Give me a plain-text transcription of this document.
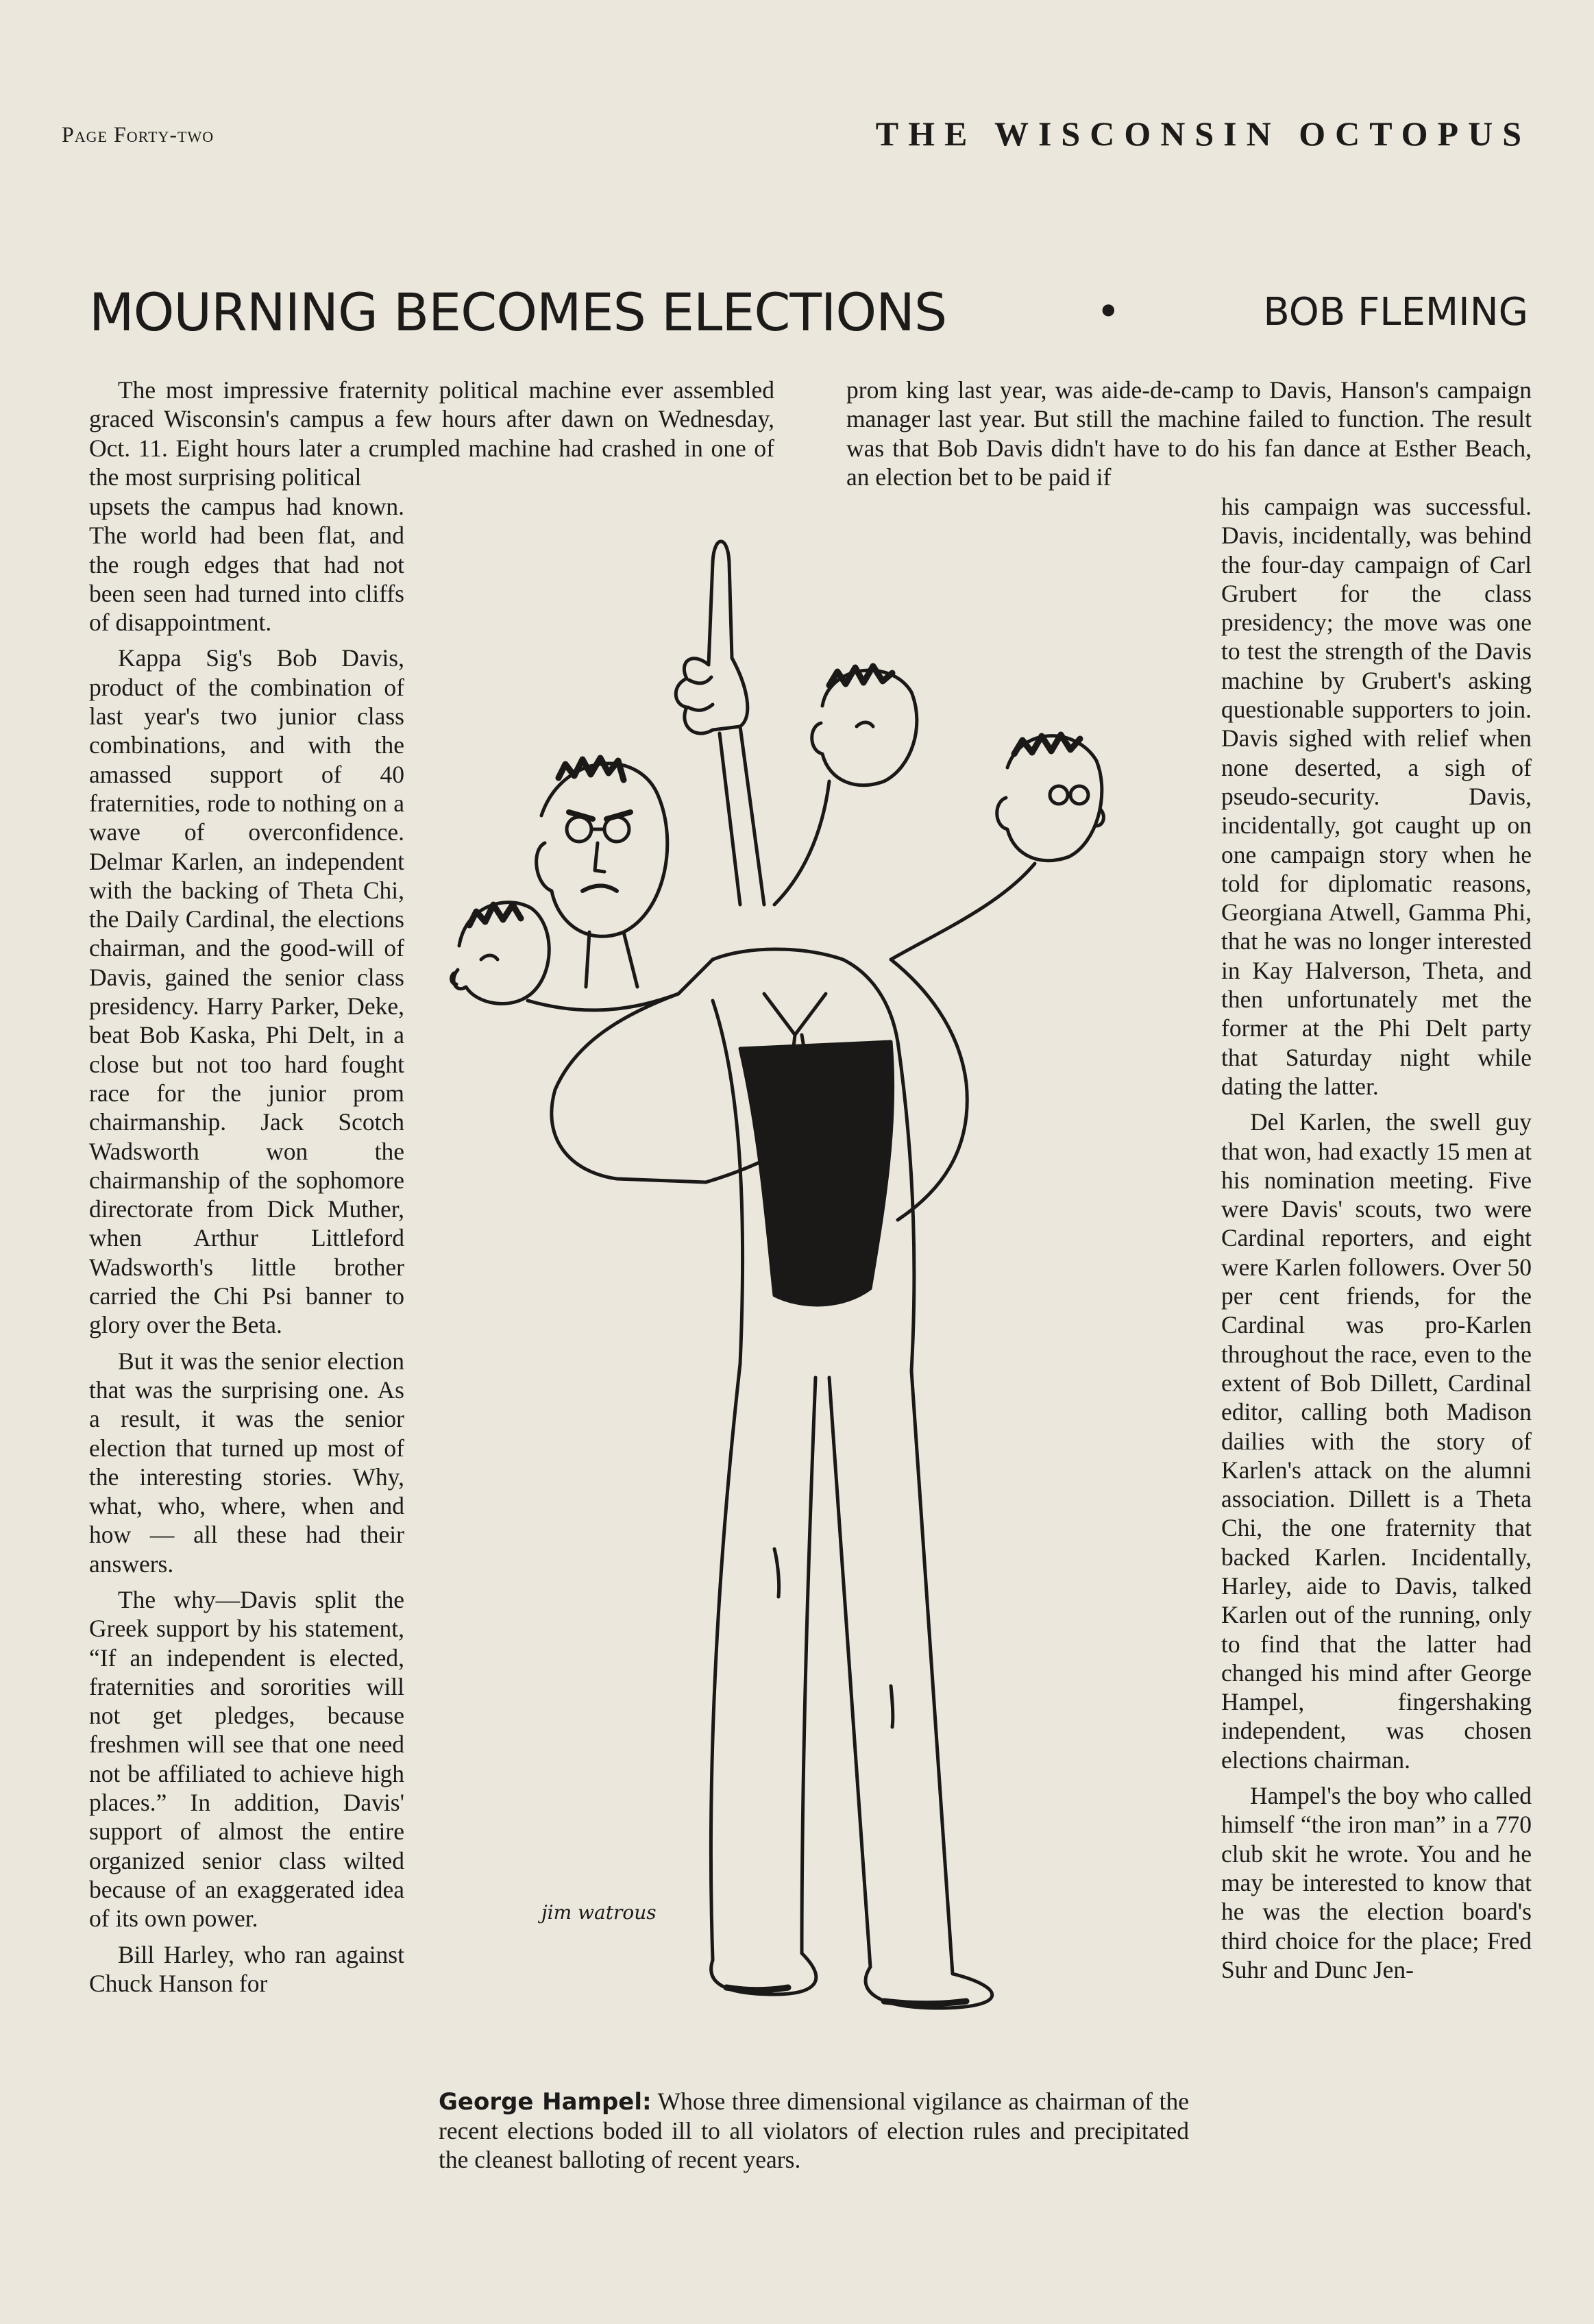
Page Forty-two	THE WISCONSIN OCTOPUS
MOURNING BECOMES ELECTIONS	•	BOB FLEMING

The most impressive fraternity political machine ever assembled graced Wisconsin's campus a few hours after dawn on Wednesday, Oct. 11. Eight hours later a crumpled machine had crashed in one of the most surprising political

upsets the campus had known. The world had been flat, and the rough edges that had not been seen had turned into cliffs of disappointment.

Kappa Sig's Bob Davis, product of the combination of last year's two junior class combinations, and with the amassed support of 40 fraternities, rode to nothing on a wave of overconfidence. Delmar Karlen, an independent with the backing of Theta Chi, the Daily Cardinal, the elections chairman, and the good-will of Davis, gained the senior class presidency. Harry Parker, Deke, beat Bob Kaska, Phi Delt, in a close but not too hard fought race for the junior prom chairmanship. Jack Scotch Wadsworth won the chairmanship of the sophomore directorate from Dick Muther, when Arthur Littleford Wadsworth's little brother carried the Chi Psi banner to glory over the Beta.

But it was the senior election that was the surprising one. As a result, it was the senior election that turned up most of the interesting stories. Why, what, who, where, when and how — all these had their answers.

The why—Davis split the Greek support by his statement, “If an independent is elected, fraternities and sororities will not get pledges, because freshmen will see that one need not be affiliated to achieve high places.” In addition, Davis' support of almost the entire organized senior class wilted because of an exaggerated idea of its own power.

Bill Harley, who ran against Chuck Hanson for

prom king last year, was aide-de-camp to Davis, Hanson's campaign manager last year. But still the machine failed to function. The result was that Bob Davis didn't have to do his fan dance at Esther Beach, an election bet to be paid if

his campaign was successful. Davis, incidentally, was behind the four-day campaign of Carl Grubert for the class presidency; the move was one to test the strength of the Davis machine by Grubert's asking questionable supporters to join. Davis sighed with relief when none deserted, a sigh of pseudo-security. Davis, incidentally, got caught up on one campaign story when he told for diplomatic reasons, Georgiana Atwell, Gamma Phi, that he was no longer interested in Kay Halverson, Theta, and then unfortunately met the former at the Phi Delt party that Saturday night while dating the latter.

Del Karlen, the swell guy that won, had exactly 15 men at his nomination meeting. Five were Davis' scouts, two were Cardinal reporters, and eight were Karlen followers. Over 50 per cent friends, for the Cardinal was pro-Karlen throughout the race, even to the extent of Bob Dillett, Cardinal editor, calling both Madison dailies with the story of Karlen's attack on the alumni association. Dillett is a Theta Chi, the one fraternity that backed Karlen. Incidentally, Harley, aide to Davis, talked Karlen out of the running, only to find that the latter had changed his mind after George Hampel, fingershaking independent, was chosen elections chairman.

Hampel's the boy who called himself “the iron man” in a 770 club skit he wrote. You and he may be interested to know that he was the election board's third choice for the place; Fred Suhr and Dunc Jen-

jim watrous
George Hampel: Whose three dimensional vigilance as chairman of the recent elections boded ill to all violators of election rules and precipitated the cleanest balloting of recent years.
